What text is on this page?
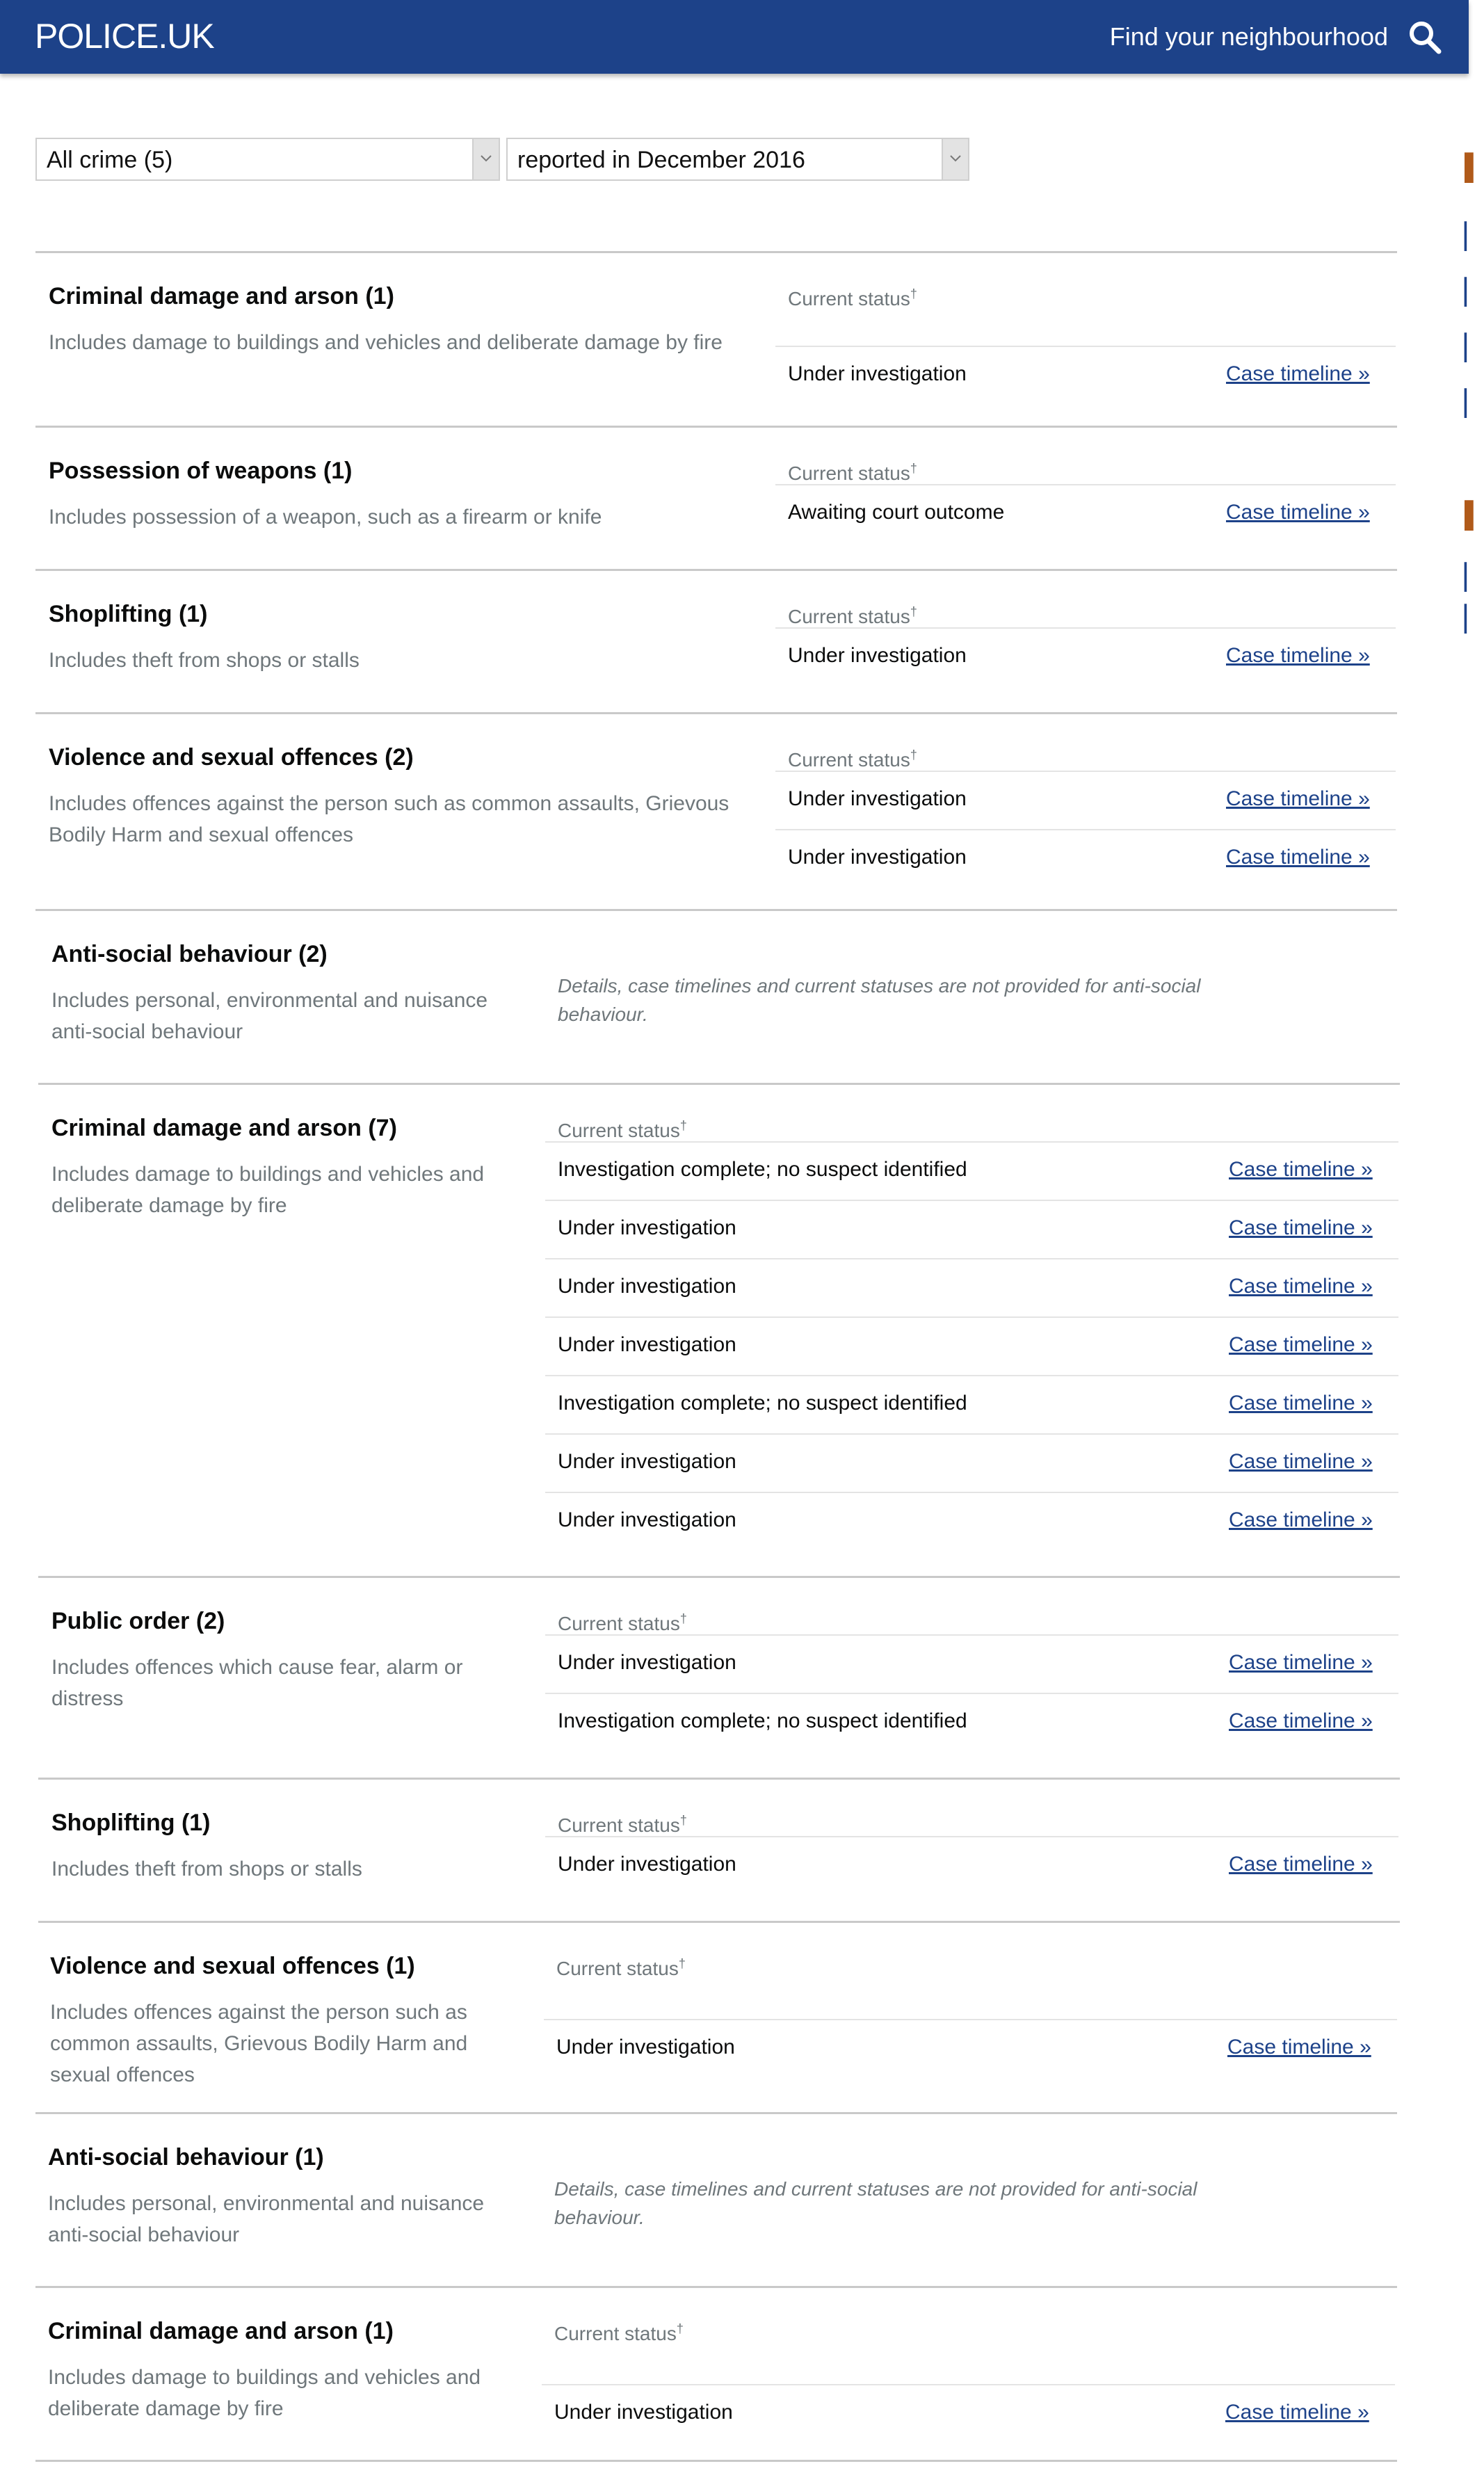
POLICE.UK	Find your neighbourhood
All crime (5)	reported in December 2016
Criminal damage and arson (1)
Includes damage to buildings and vehicles and deliberate damage by fire
Current status†
Under investigation	Case timeline »
Possession of weapons (1)
Includes possession of a weapon, such as a firearm or knife
Current status†
Awaiting court outcome	Case timeline »
Shoplifting (1)
Includes theft from shops or stalls
Current status†
Under investigation	Case timeline »
Violence and sexual offences (2)
Includes offences against the person such as common assaults, Grievous Bodily Harm and sexual offences
Current status†
Under investigation	Case timeline »
Under investigation	Case timeline »
Anti-social behaviour (2)
Includes personal, environmental and nuisance anti-social behaviour
Details, case timelines and current statuses are not provided for anti-social behaviour.
Criminal damage and arson (7)
Includes damage to buildings and vehicles and deliberate damage by fire
Current status†
Investigation complete; no suspect identified	Case timeline »
Under investigation	Case timeline »
Under investigation	Case timeline »
Under investigation	Case timeline »
Investigation complete; no suspect identified	Case timeline »
Under investigation	Case timeline »
Under investigation	Case timeline »
Public order (2)
Includes offences which cause fear, alarm or distress
Current status†
Under investigation	Case timeline »
Investigation complete; no suspect identified	Case timeline »
Shoplifting (1)
Includes theft from shops or stalls
Current status†
Under investigation	Case timeline »
Violence and sexual offences (1)
Includes offences against the person such as common assaults, Grievous Bodily Harm and sexual offences
Current status†
Under investigation	Case timeline »
Anti-social behaviour (1)
Includes personal, environmental and nuisance anti-social behaviour
Details, case timelines and current statuses are not provided for anti-social behaviour.
Criminal damage and arson (1)
Includes damage to buildings and vehicles and deliberate damage by fire
Current status†
Under investigation	Case timeline »
▌
▏
▏
▏
▏
▌
▏
▏
